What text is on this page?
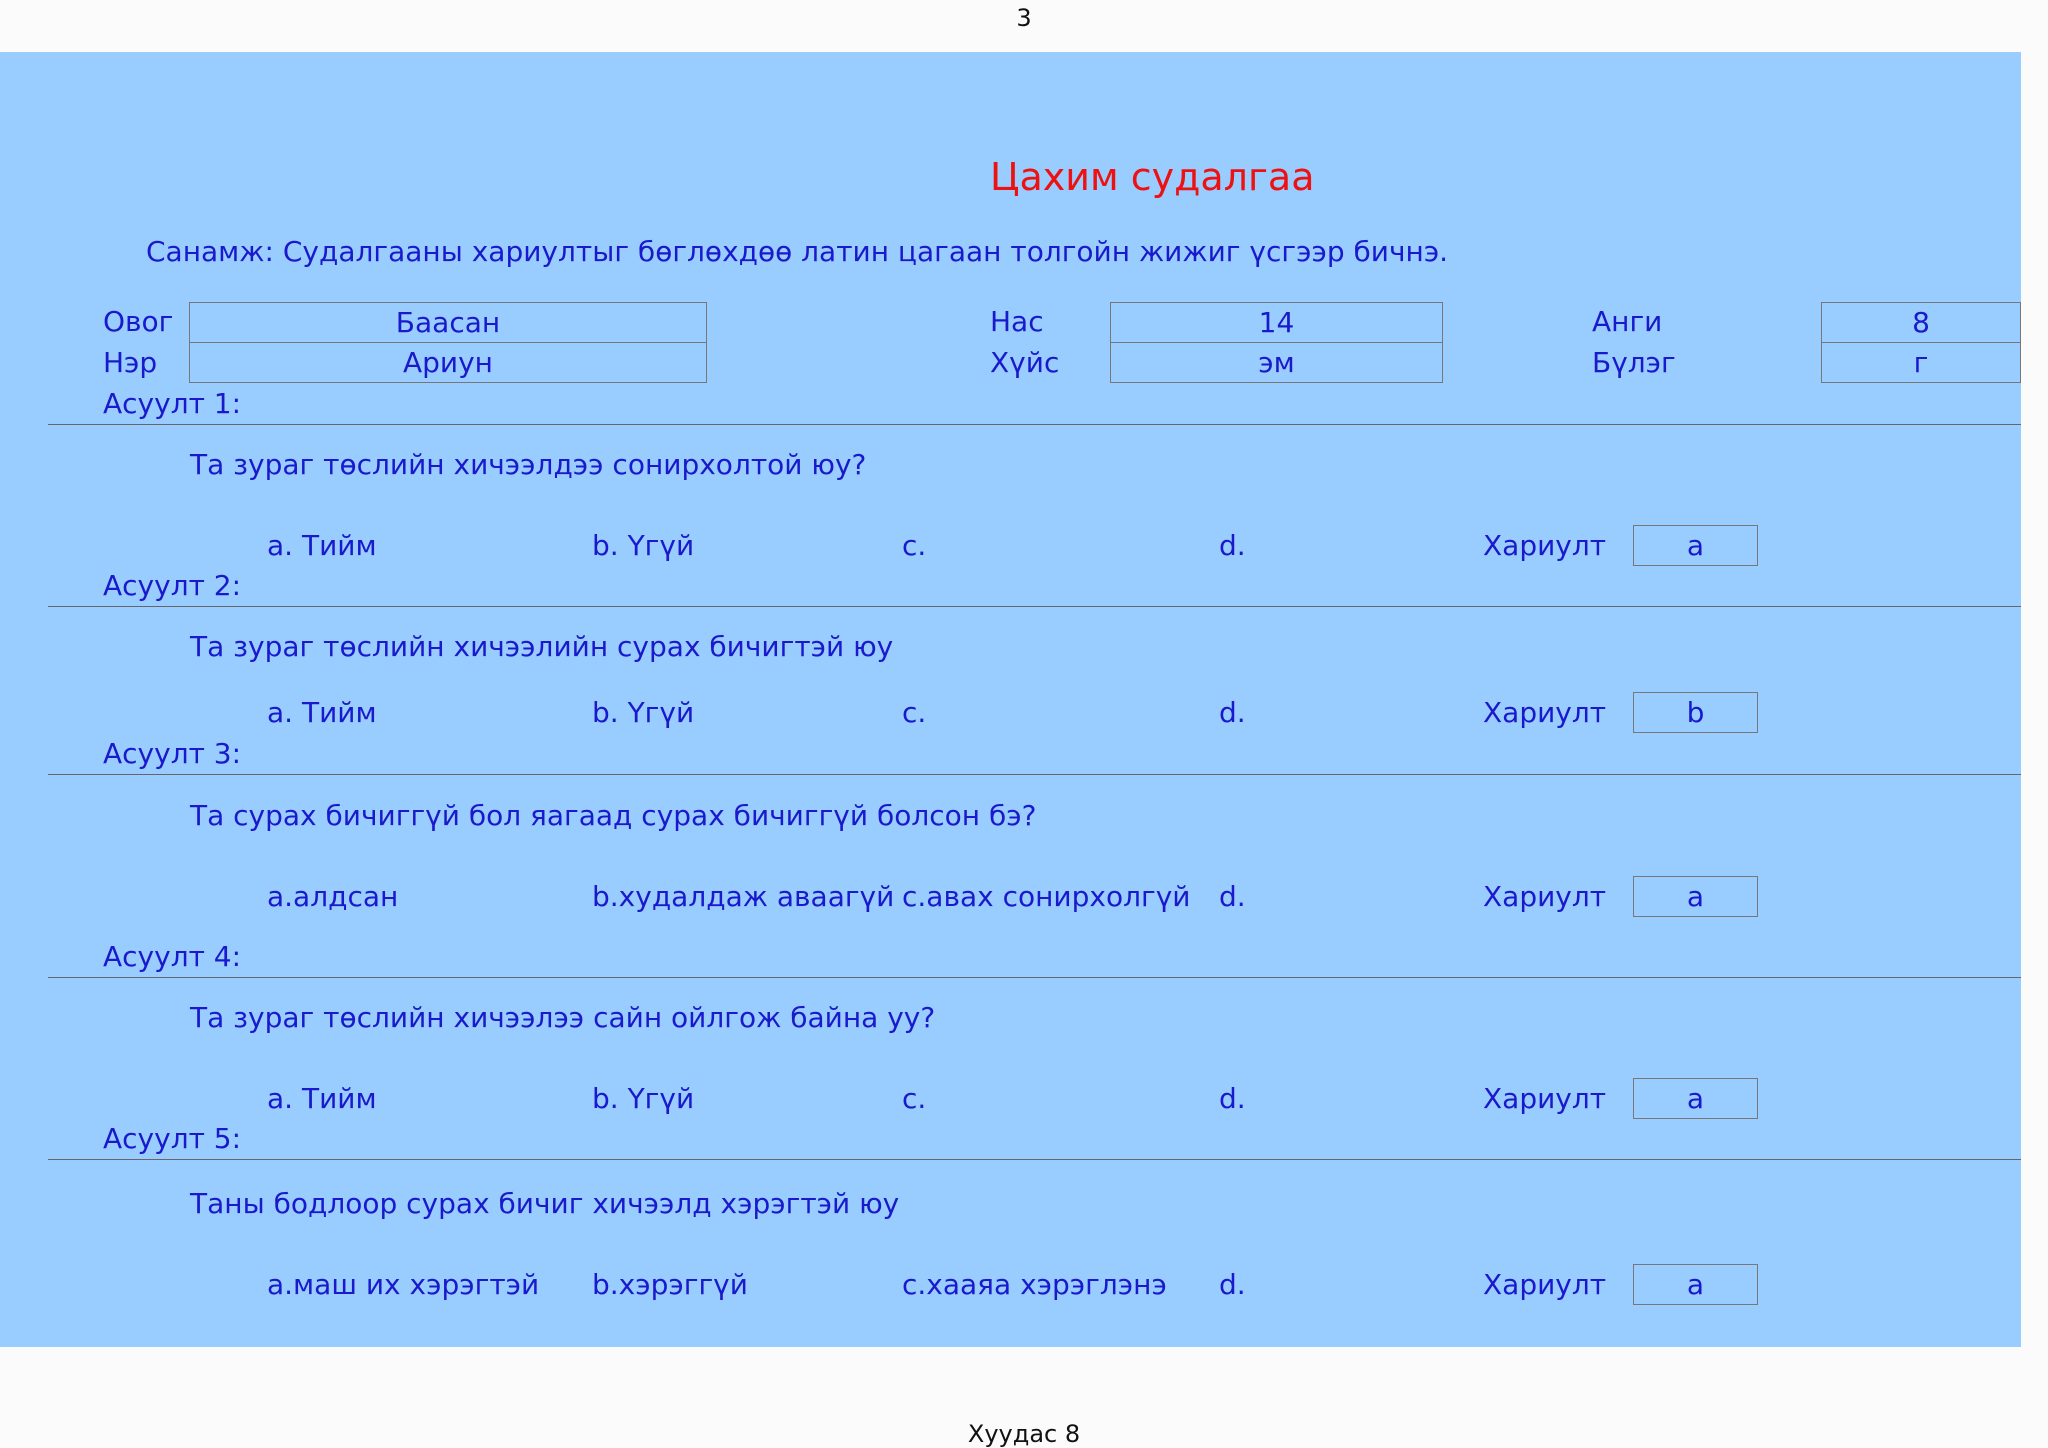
3
Цахим судалгаа
Санамж: Судалгааны хариултыг бөглөхдөө латин цагаан толгойн жижиг үсгээр бичнэ.
Овог	Баасан
Нэр	Ариун
Нас	14
Хүйс	эм
Анги	8
Бүлэг	г
Асуулт 1:
Та зураг төслийн хичээлдээ сонирхолтой юу?
a. Тийм	b. Үгүй	c.	d.	Хариулт	a
Асуулт 2:
Та зураг төслийн хичээлийн сурах бичигтэй юу
a. Тийм	b. Үгүй	c.	d.	Хариулт	b
Асуулт 3:
Та сурах бичиггүй бол яагаад сурах бичиггүй болсон бэ?
a.алдсан	b.худалдаж аваагүй c.авах сонирхолгүй d.	Хариулт	a
Асуулт 4:
Та зураг төслийн хичээлээ сайн ойлгож байна уу?
a. Тийм	b. Үгүй	c.	d.	Хариулт	a
Асуулт 5:
Таны бодлоор сурах бичиг хичээлд хэрэгтэй юу
a.маш их хэрэгтэй b.хэрэггүй	c.хааяа хэрэглэнэ d.	Хариулт	a
Хуудас 8
